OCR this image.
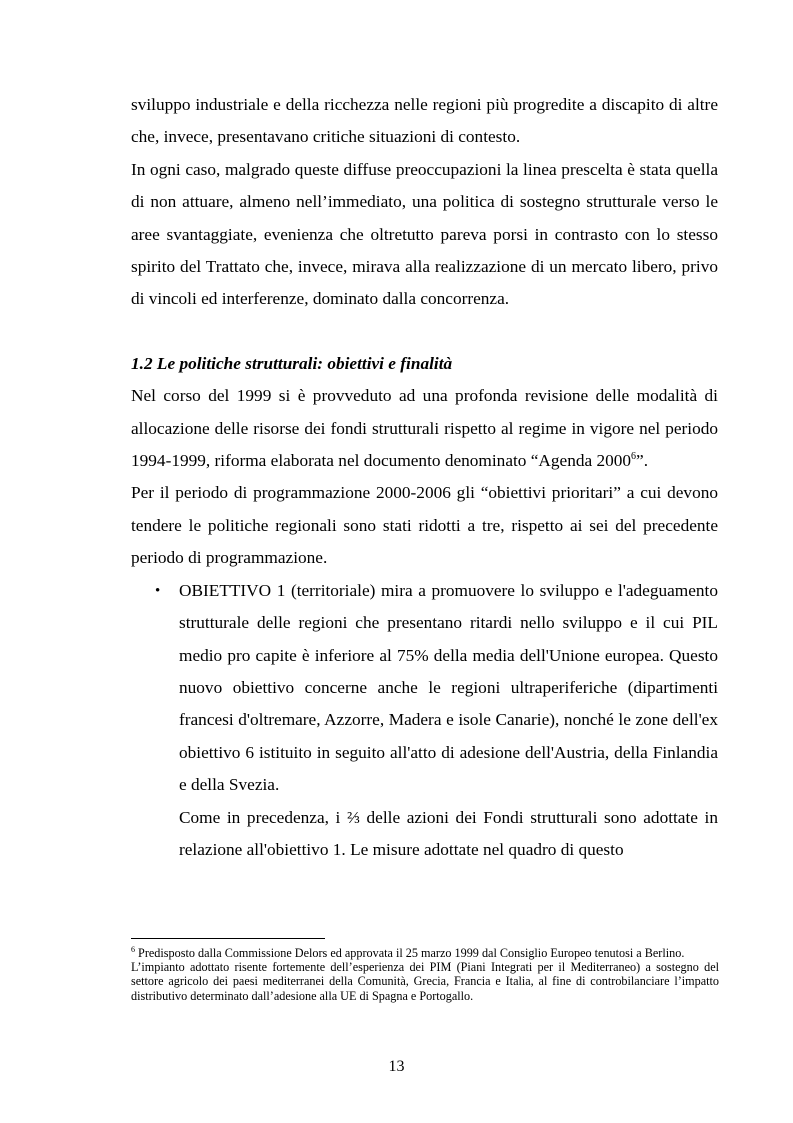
sviluppo industriale e della ricchezza nelle regioni più progredite a discapito di altre che, invece, presentavano critiche situazioni di contesto.

In ogni caso, malgrado queste diffuse preoccupazioni la linea prescelta è stata quella di non attuare, almeno nell’immediato, una politica di sostegno strutturale verso le aree svantaggiate, evenienza che oltretutto pareva porsi in contrasto con lo stesso spirito del Trattato che, invece, mirava alla realizzazione di un mercato libero, privo di vincoli ed interferenze, dominato dalla concorrenza.

1.2 Le politiche strutturali: obiettivi e finalità

Nel corso del 1999 si è provveduto ad una profonda revisione delle modalità di allocazione delle risorse dei fondi strutturali rispetto al regime in vigore nel periodo 1994-1999, riforma elaborata nel documento denominato “Agenda 2000$^6$”.

Per il periodo di programmazione 2000-2006 gli “obiettivi prioritari” a cui devono tendere le politiche regionali sono stati ridotti a tre, rispetto ai sei del precedente periodo di programmazione.

• OBIETTIVO 1 (territoriale) mira a promuovere lo sviluppo e l'adeguamento strutturale delle regioni che presentano ritardi nello sviluppo e il cui PIL medio pro capite è inferiore al 75% della media dell'Unione europea. Questo nuovo obiettivo concerne anche le regioni ultraperiferiche (dipartimenti francesi d'oltremare, Azzorre, Madera e isole Canarie), nonché le zone dell'ex obiettivo 6 istituito in seguito all'atto di adesione dell'Austria, della Finlandia e della Svezia.

Come in precedenza, i ⅔ delle azioni dei Fondi strutturali sono adottate in relazione all'obiettivo 1. Le misure adottate nel quadro di questo

$^6$ Predisposto dalla Commissione Delors ed approvata il 25 marzo 1999 dal Consiglio Europeo tenutosi a Berlino.

L’impianto adottato risente fortemente dell’esperienza dei PIM (Piani Integrati per il Mediterraneo) a sostegno del settore agricolo dei paesi mediterranei della Comunità, Grecia, Francia e Italia, al fine di controbilanciare l’impatto distributivo determinato dall’adesione alla UE di Spagna e Portogallo.

13
